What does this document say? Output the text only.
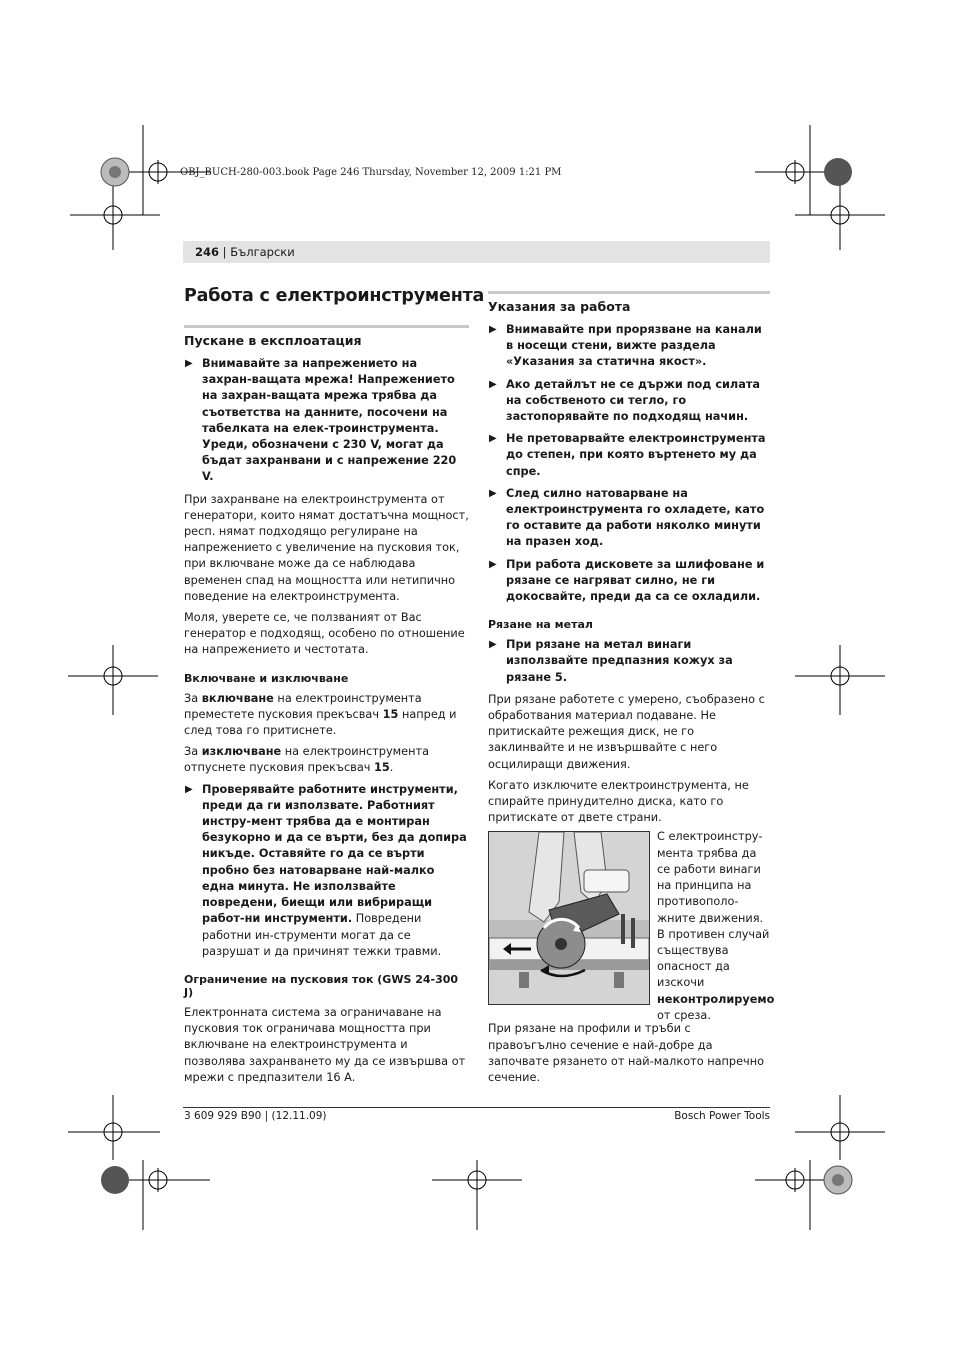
OBJ_BUCH-280-003.book Page 246 Thursday, November 12, 2009 1:21 PM
246 | Български
Работа с електроинструмента
Пускане в експлоатация
▶ Внимавайте за напрежението на захран-ващата мрежа! Напрежението на захран-ващата мрежа трябва да съответства на данните, посочени на табелката на елек-троинструмента. Уреди, обозначени с 230 V, могат да бъдат захранвани и с напрежение 220 V.

При захранване на електроинструмента от генератори, които нямат достатъчна мощност, респ. нямат подходящо регулиране на напрежението с увеличение на пусковия ток, при включване може да се наблюдава временен спад на мощността или нетипично поведение на електроинструмента.

Моля, уверете се, че ползваният от Вас генератор е подходящ, особено по отношение на напрежението и честотата.

Включване и изключване

За включване на електроинструмента преместете пусковия прекъсвач 15 напред и след това го притиснете.

За изключване на електроинструмента отпуснете пусковия прекъсвач 15.

▶ Проверявайте работните инструменти, преди да ги използвате. Работният инстру-мент трябва да е монтиран безукорно и да се върти, без да допира никъде. Оставяйте го да се върти пробно без натоварване най-малко една минута. Не използвайте повредени, биещи или вибриращи работ-ни инструменти. Повредени работни ин-струменти могат да се разрушат и да причинят тежки травми.
Ограничение на пусковия ток (GWS 24-300 J)

Електронната система за ограничаване на пусковия ток ограничава мощността при включване на електроинструмента и позволява захранването му да се извършва от мрежи с предпазители 16 A.

Указания за работа
▶ Внимавайте при прорязване на канали в носещи стени, вижте раздела «Указания за статична якост».
▶ Ако детайлът не се държи под силата на собственото си тегло, го застопорявайте по подходящ начин.
▶ Не претоварвайте електроинструмента до степен, при която въртенето му да спре.
▶ След силно натоварване на електроинструмента го охладете, като го оставите да работи няколко минути на празен ход.
▶ При работа дисковете за шлифоване и рязане се нагряват силно, не ги докосвайте, преди да са се охладили.
Рязане на метал
▶ При рязане на метал винаги използвайте предпазния кожух за рязане 5.

При рязане работете с умерено, съобразено с обработвания материал подаване. Не притискайте режещия диск, не го заклинвайте и не извършвайте с него осцилиращи движения.

Когато изключите електроинструмента, не спирайте принудително диска, като го притискате от двете страни.

С електроинстру-мента трябва да се работи винаги на принципа на противополо-жните движения. В противен случай съществува опасност да изскочи неконтролируемо от среза.

При рязане на профили и тръби с правоъгълно сечение е най-добре да започвате рязането от най-малкото напречно сечение.

3 609 929 B90 | (12.11.09)	Bosch Power Tools
